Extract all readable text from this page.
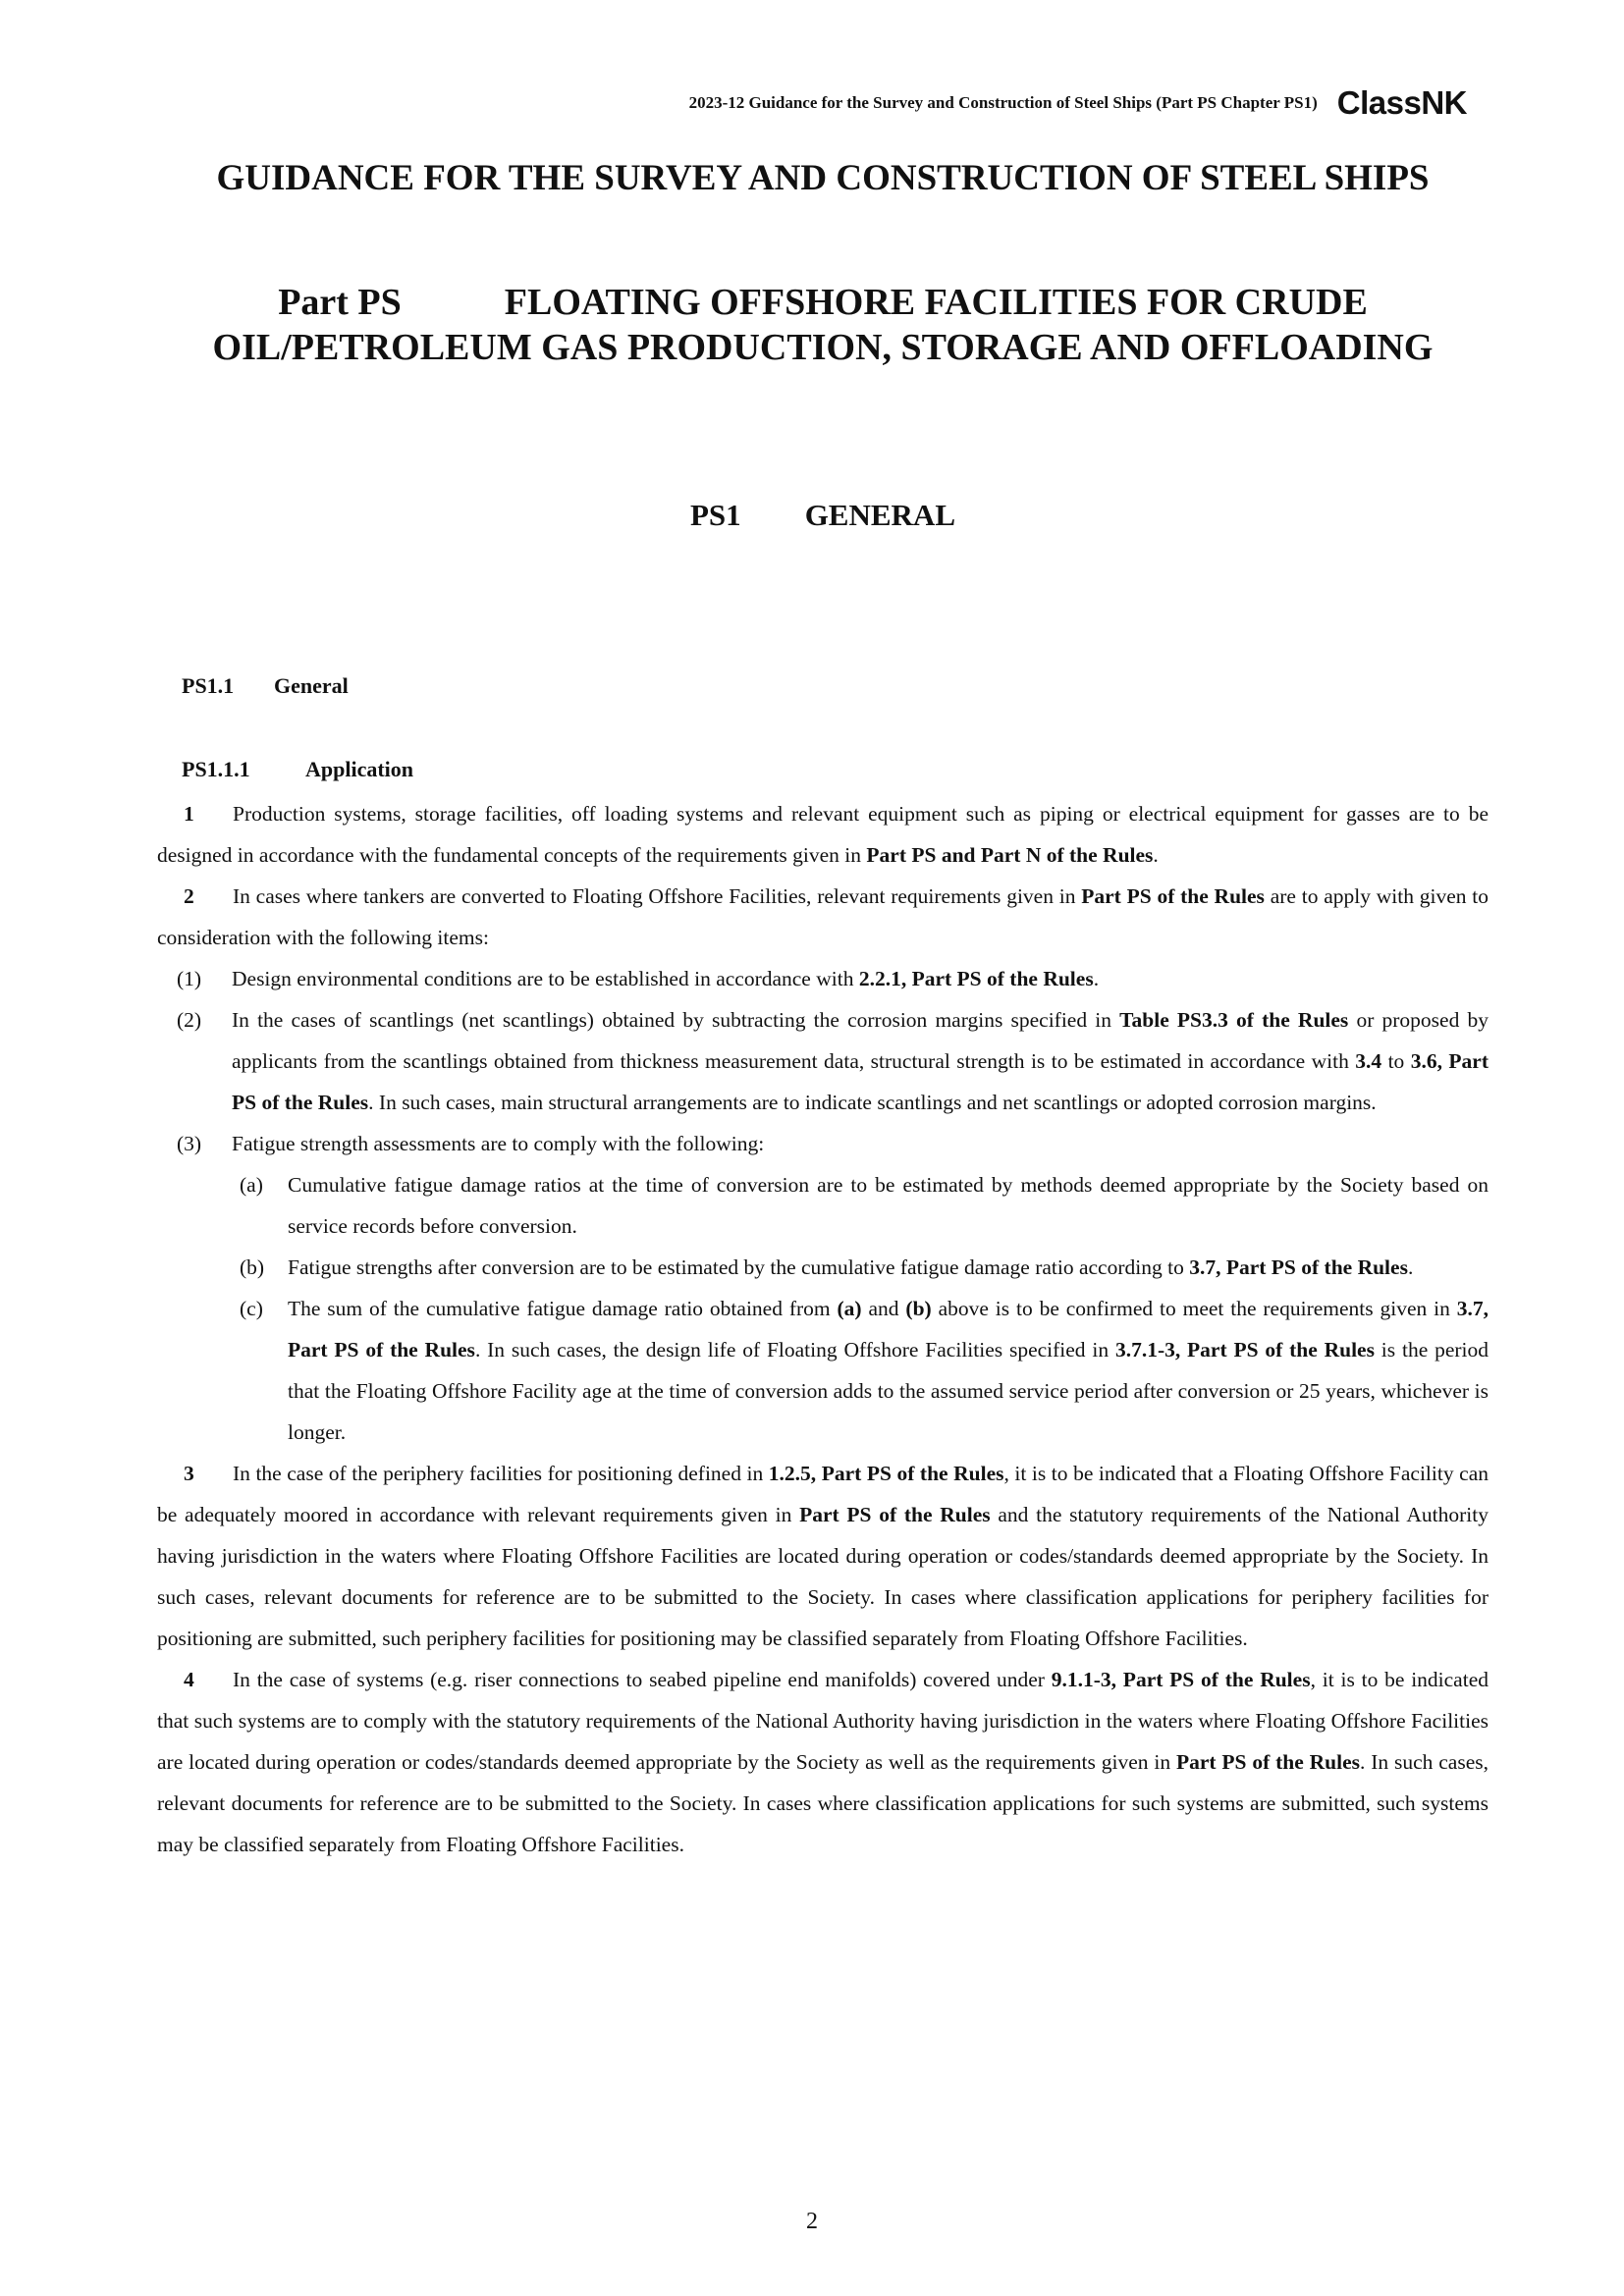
2023-12 Guidance for the Survey and Construction of Steel Ships (Part PS Chapter PS1) ClassNK
GUIDANCE FOR THE SURVEY AND CONSTRUCTION OF STEEL SHIPS
Part PS	FLOATING OFFSHORE FACILITIES FOR CRUDE
OIL/PETROLEUM GAS PRODUCTION, STORAGE AND OFFLOADING
PS1 GENERAL
PS1.1 General
PS1.1.1	Application

1 Production systems, storage facilities, off loading systems and relevant equipment such as piping or electrical equipment for gasses are to be designed in accordance with the fundamental concepts of the requirements given in Part PS and Part N of the Rules.

2 In cases where tankers are converted to Floating Offshore Facilities, relevant requirements given in Part PS of the Rules are to apply with given to consideration with the following items:

(1) Design environmental conditions are to be established in accordance with 2.2.1, Part PS of the Rules.

(2) In the cases of scantlings (net scantlings) obtained by subtracting the corrosion margins specified in Table PS3.3 of the Rules or proposed by applicants from the scantlings obtained from thickness measurement data, structural strength is to be estimated in accordance with 3.4 to 3.6, Part PS of the Rules. In such cases, main structural arrangements are to indicate scantlings and net scantlings or adopted corrosion margins.

(3) Fatigue strength assessments are to comply with the following:

(a) Cumulative fatigue damage ratios at the time of conversion are to be estimated by methods deemed appropriate by the Society based on service records before conversion.

(b) Fatigue strengths after conversion are to be estimated by the cumulative fatigue damage ratio according to 3.7, Part PS of the Rules.

(c) The sum of the cumulative fatigue damage ratio obtained from (a) and (b) above is to be confirmed to meet the requirements given in 3.7, Part PS of the Rules. In such cases, the design life of Floating Offshore Facilities specified in 3.7.1-3, Part PS of the Rules is the period that the Floating Offshore Facility age at the time of conversion adds to the assumed service period after conversion or 25 years, whichever is longer.

3 In the case of the periphery facilities for positioning defined in 1.2.5, Part PS of the Rules, it is to be indicated that a Floating Offshore Facility can be adequately moored in accordance with relevant requirements given in Part PS of the Rules and the statutory requirements of the National Authority having jurisdiction in the waters where Floating Offshore Facilities are located during operation or codes/standards deemed appropriate by the Society. In such cases, relevant documents for reference are to be submitted to the Society. In cases where classification applications for periphery facilities for positioning are submitted, such periphery facilities for positioning may be classified separately from Floating Offshore Facilities.

4 In the case of systems (e.g. riser connections to seabed pipeline end manifolds) covered under 9.1.1-3, Part PS of the Rules, it is to be indicated that such systems are to comply with the statutory requirements of the National Authority having jurisdiction in the waters where Floating Offshore Facilities are located during operation or codes/standards deemed appropriate by the Society as well as the requirements given in Part PS of the Rules. In such cases, relevant documents for reference are to be submitted to the Society. In cases where classification applications for such systems are submitted, such systems may be classified separately from Floating Offshore Facilities.

2
